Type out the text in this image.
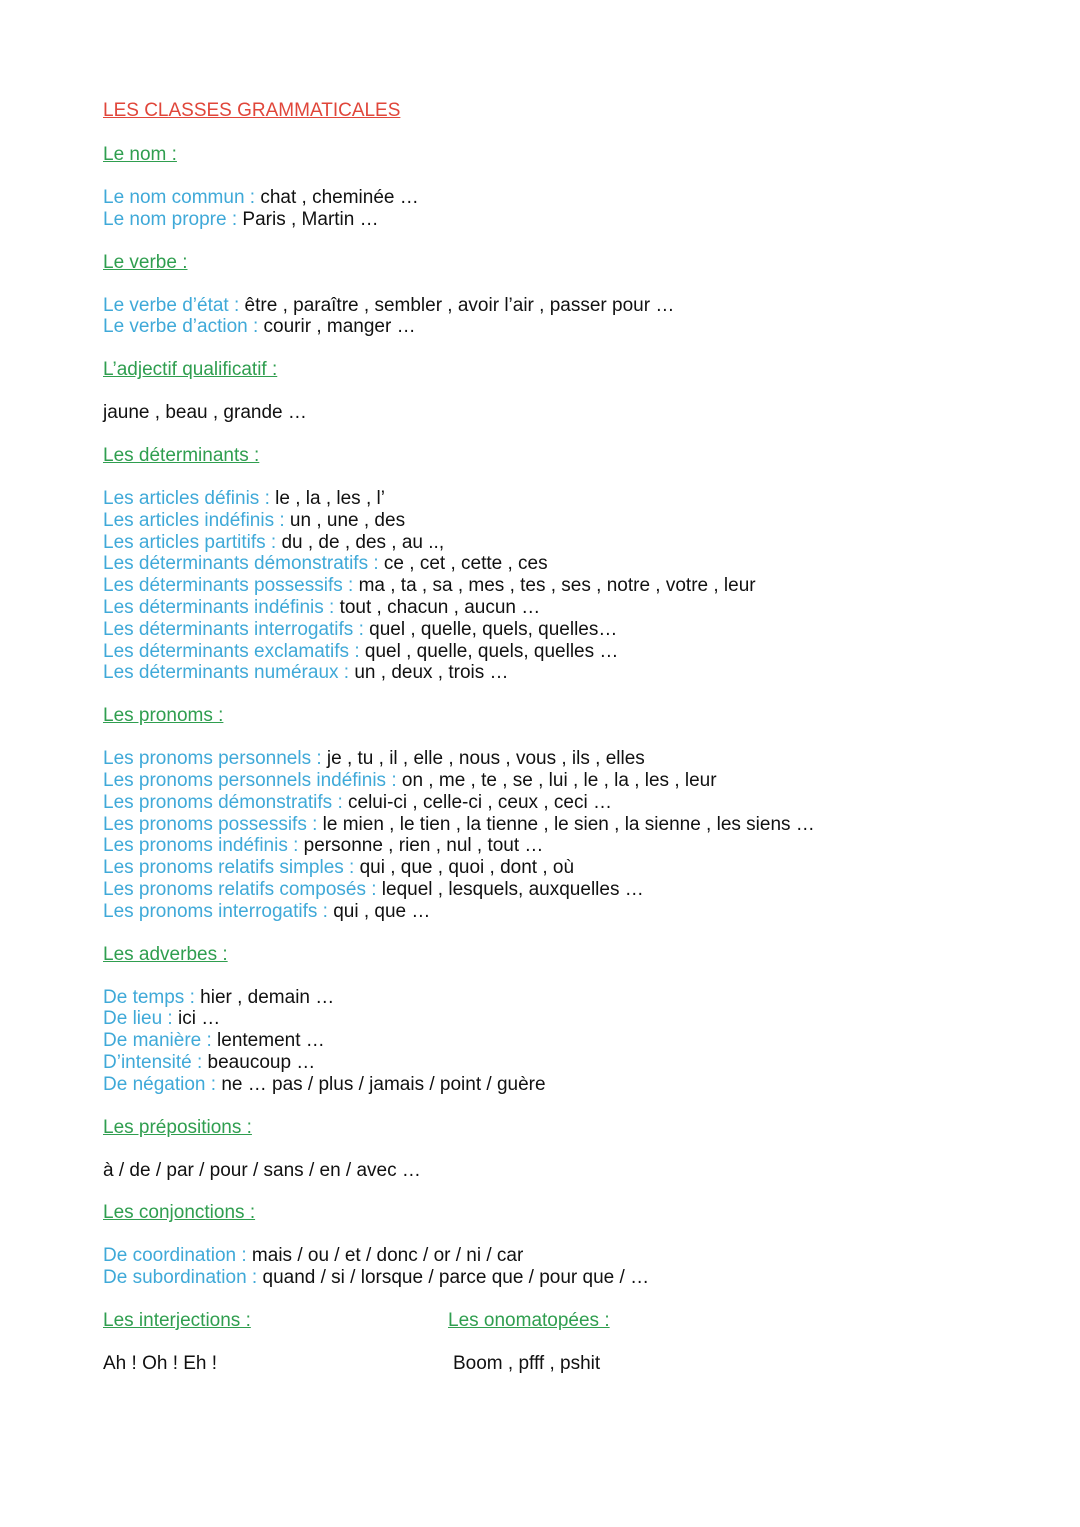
LES CLASSES GRAMMATICALES
Le nom :
Le nom commun : chat , cheminée …
Le nom propre : Paris , Martin …
Le verbe :
Le verbe d’état : être , paraître , sembler , avoir l’air , passer pour …
Le verbe d’action : courir , manger …
L’adjectif qualificatif :
jaune , beau , grande …
Les déterminants :
Les articles définis : le , la , les , l’
Les articles indéfinis : un , une , des
Les articles partitifs : du , de , des , au ..,
Les déterminants démonstratifs : ce , cet , cette , ces
Les déterminants possessifs : ma , ta , sa , mes , tes , ses , notre , votre , leur
Les déterminants indéfinis : tout , chacun , aucun …
Les déterminants interrogatifs : quel , quelle, quels, quelles…
Les déterminants exclamatifs : quel , quelle, quels, quelles …
Les déterminants numéraux : un , deux , trois …
Les pronoms :
Les pronoms personnels : je , tu , il , elle , nous , vous , ils , elles
Les pronoms personnels indéfinis : on , me , te , se , lui , le , la , les , leur
Les pronoms démonstratifs : celui-ci , celle-ci , ceux , ceci …
Les pronoms possessifs : le mien , le tien , la tienne , le sien , la sienne , les siens …
Les pronoms indéfinis : personne , rien , nul , tout …
Les pronoms relatifs simples : qui , que , quoi , dont , où
Les pronoms relatifs composés : lequel , lesquels, auxquelles …
Les pronoms interrogatifs : qui , que …
Les adverbes :
De temps : hier , demain …
De lieu : ici …
De manière : lentement …
D’intensité : beaucoup …
De négation : ne … pas / plus / jamais / point / guère
Les prépositions :
à / de / par / pour / sans / en / avec …
Les conjonctions :
De coordination : mais / ou / et / donc / or / ni / car
De subordination : quand / si / lorsque / parce que / pour que / …
Les interjections :	Les onomatopées :
Ah ! Oh ! Eh !	Boom , pfff , pshit
